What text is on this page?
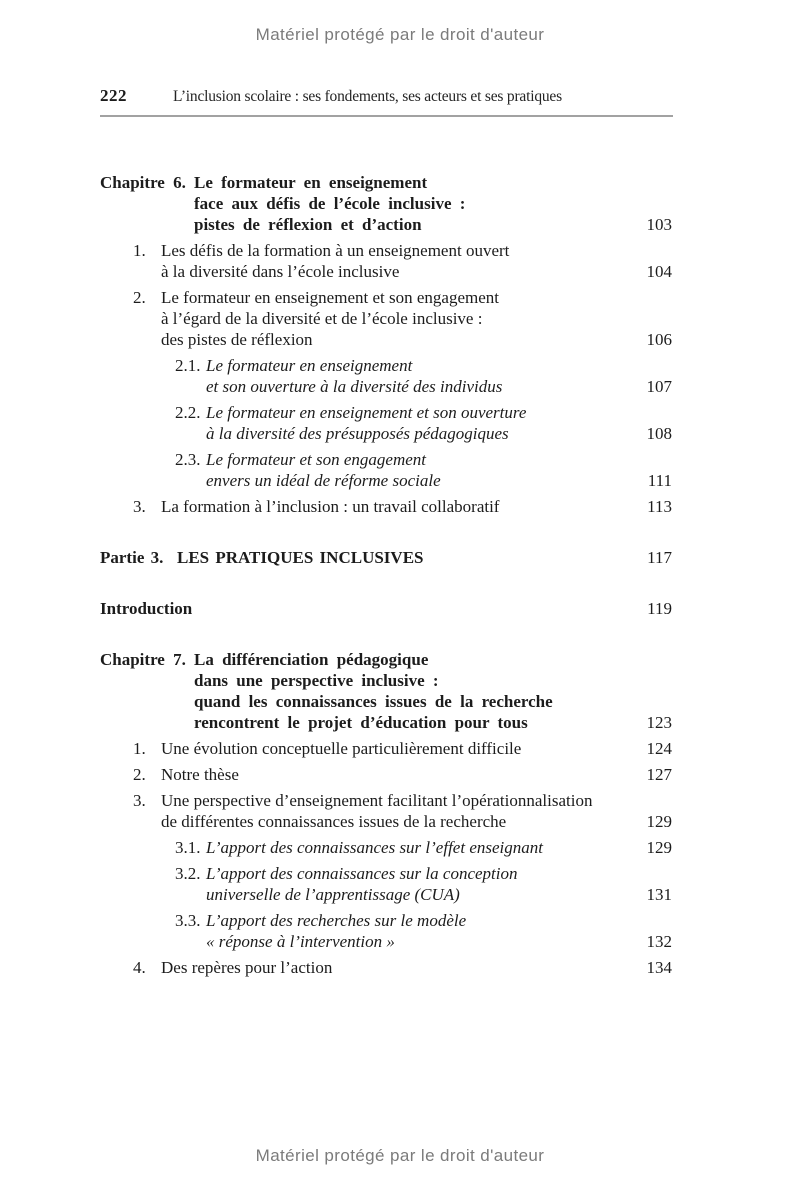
Matériel protégé par le droit d'auteur
222	L’inclusion scolaire : ses fondements, ses acteurs et ses pratiques
Chapitre 6. Le formateur en enseignement
face aux défis de l’école inclusive :
pistes de réflexion et d’action	103
1. Les défis de la formation à un enseignement ouvert
à la diversité dans l’école inclusive	104
2. Le formateur en enseignement et son engagement
à l’égard de la diversité et de l’école inclusive :
des pistes de réflexion	106
2.1. Le formateur en enseignement
et son ouverture à la diversité des individus	107
2.2. Le formateur en enseignement et son ouverture
à la diversité des présupposés pédagogiques	108
2.3. Le formateur et son engagement
envers un idéal de réforme sociale	111
3. La formation à l’inclusion : un travail collaboratif	113
Partie 3. LES PRATIQUES INCLUSIVES	117
Introduction	119
Chapitre 7. La différenciation pédagogique
dans une perspective inclusive :
quand les connaissances issues de la recherche
rencontrent le projet d’éducation pour tous	123
1. Une évolution conceptuelle particulièrement difficile	124
2. Notre thèse	127
3. Une perspective d’enseignement facilitant l’opérationnalisation
de différentes connaissances issues de la recherche	129
3.1. L’apport des connaissances sur l’effet enseignant	129
3.2. L’apport des connaissances sur la conception
universelle de l’apprentissage (CUA)	131
3.3. L’apport des recherches sur le modèle
« réponse à l’intervention »	132
4. Des repères pour l’action	134
Matériel protégé par le droit d'auteur
